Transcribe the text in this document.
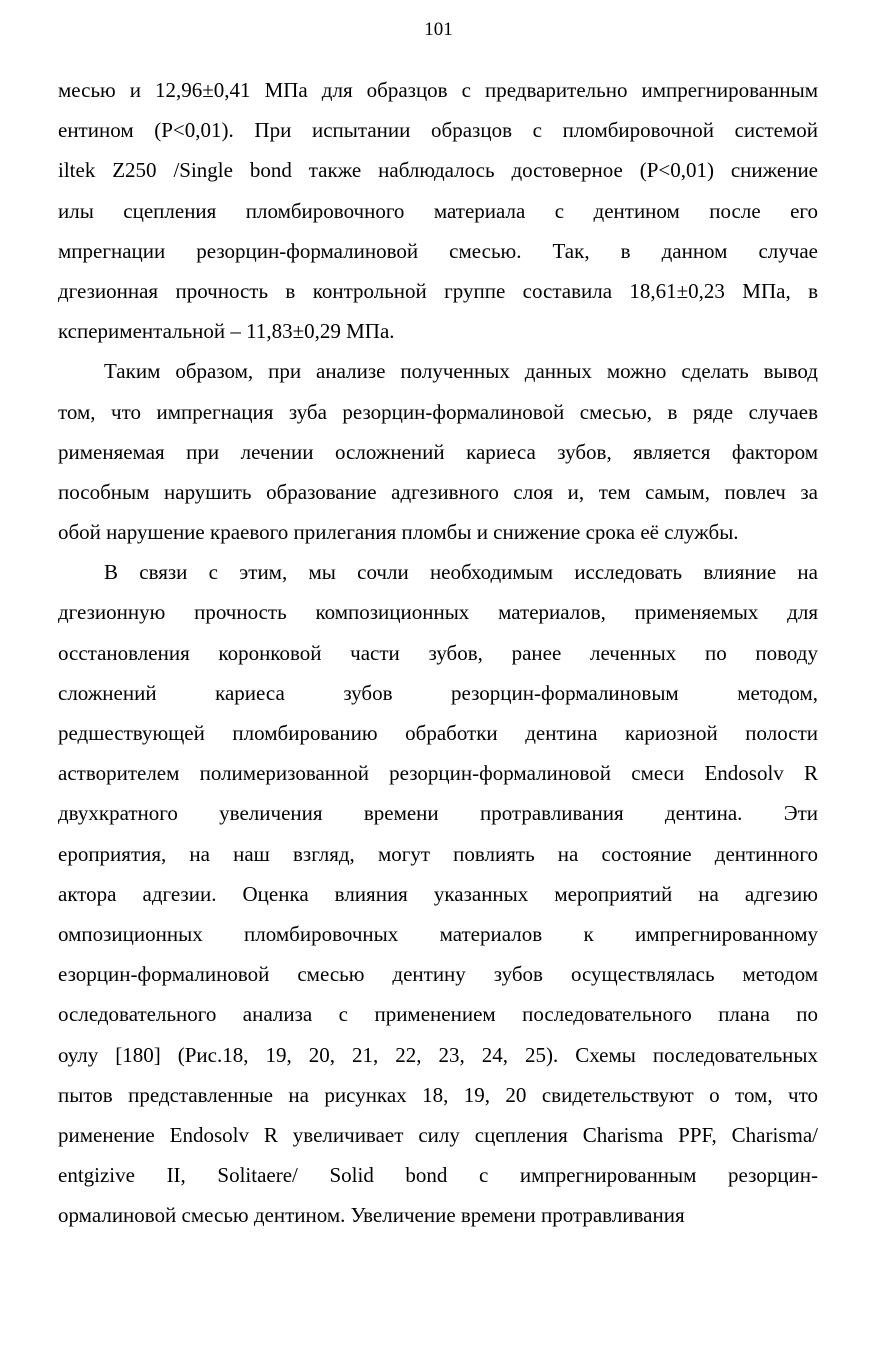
101
месью и 12,96±0,41 МПа для образцов с предварительно импрегнированным
ентином (P<0,01). При испытании образцов с пломбировочной системой
iltek Z250 /Single bond также наблюдалось достоверное (P<0,01) снижение
илы сцепления пломбировочного материала с дентином после его
мпрегнации резорцин-формалиновой смесью. Так, в данном случае
дгезионная прочность в контрольной группе составила 18,61±0,23 МПа, в
кспериментальной – 11,83±0,29 МПа.
Таким образом, при анализе полученных данных можно сделать вывод
том, что импрегнация зуба резорцин-формалиновой смесью, в ряде случаев
рименяемая при лечении осложнений кариеса зубов, является фактором
пособным нарушить образование адгезивного слоя и, тем самым, повлеч за
обой нарушение краевого прилегания пломбы и снижение срока её службы.
В связи с этим, мы сочли необходимым исследовать влияние на
дгезионную прочность композиционных материалов, применяемых для
осстановления коронковой части зубов, ранее леченных по поводу
сложнений кариеса зубов резорцин-формалиновым методом,
редшествующей пломбированию обработки дентина кариозной полости
астворителем полимеризованной резорцин-формалиновой смеси Endosolv R
двухкратного увеличения времени протравливания дентина. Эти
ероприятия, на наш взгляд, могут повлиять на состояние дентинного
актора адгезии. Оценка влияния указанных мероприятий на адгезию
омпозиционных пломбировочных материалов к импрегнированному
езорцин-формалиновой смесью дентину зубов осуществлялась методом
оследовательного анализа с применением последовательного плана по
оулу [180] (Рис.18, 19, 20, 21, 22, 23, 24, 25). Схемы последовательных
пытов представленные на рисунках 18, 19, 20 свидетельствуют о том, что
рименение Endosolv R увеличивает силу сцепления Charisma PPF, Charisma/
entgizive II, Solitaere/ Solid bond с импрегнированным резорцин-
ормалиновой смесью дентином. Увеличение времени протравливания
